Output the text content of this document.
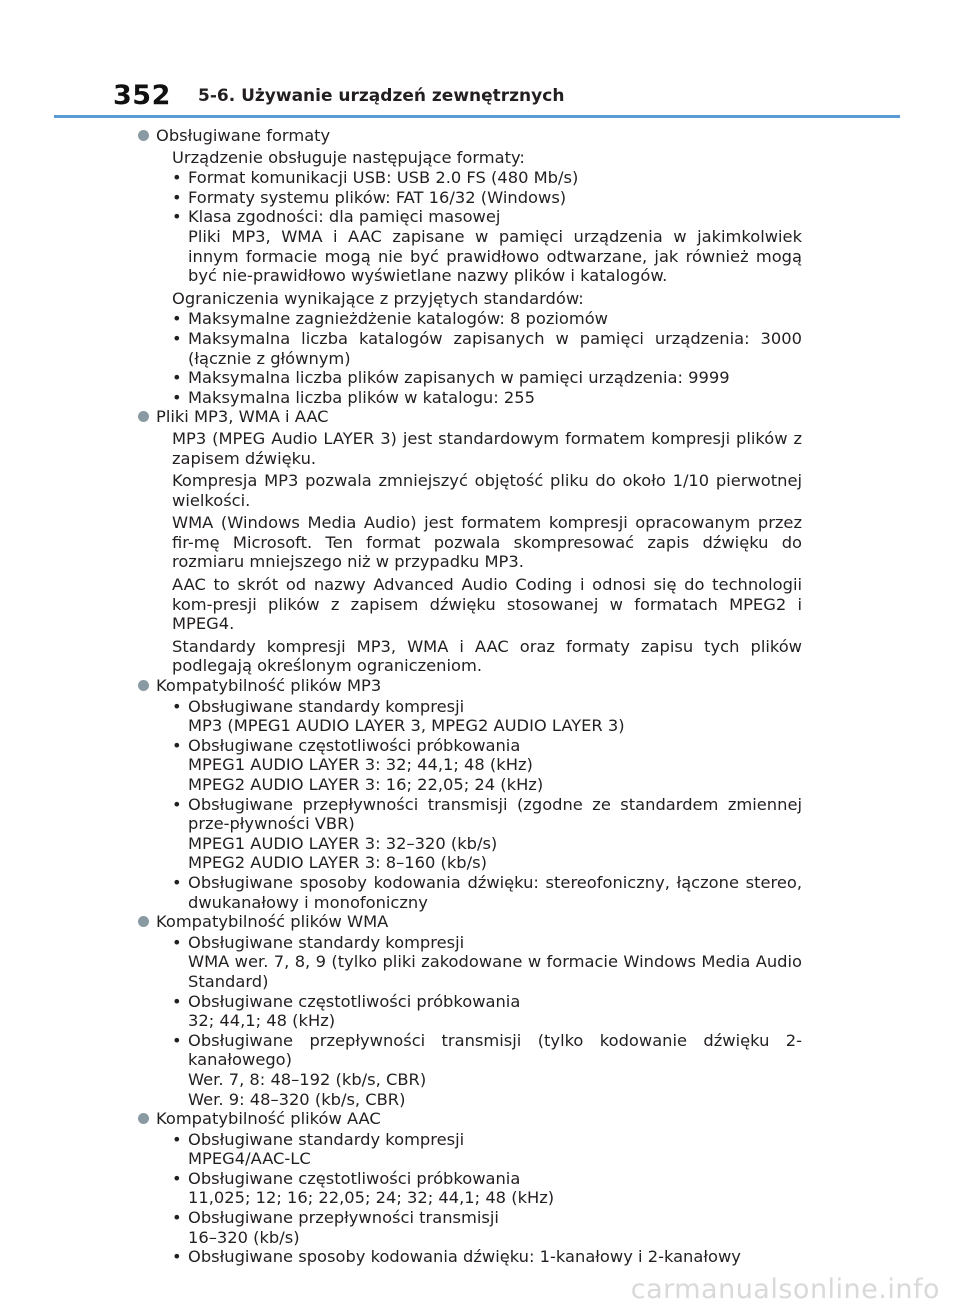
352 5-6. Używanie urządzeń zewnętrznych
Obsługiwane formaty
Urządzenie obsługuje następujące formaty:
• Format komunikacji USB: USB 2.0 FS (480 Mb/s)
• Formaty systemu plików: FAT 16/32 (Windows)
• Klasa zgodności: dla pamięci masowej
Pliki MP3, WMA i AAC zapisane w pamięci urządzenia w jakimkolwiek innym formacie mogą nie być prawidłowo odtwarzane, jak również mogą być nie-prawidłowo wyświetlane nazwy plików i katalogów.
Ograniczenia wynikające z przyjętych standardów:
• Maksymalne zagnieżdżenie katalogów: 8 poziomów
• Maksymalna liczba katalogów zapisanych w pamięci urządzenia: 3000 (łącznie z głównym)
• Maksymalna liczba plików zapisanych w pamięci urządzenia: 9999
• Maksymalna liczba plików w katalogu: 255
Pliki MP3, WMA i AAC
MP3 (MPEG Audio LAYER 3) jest standardowym formatem kompresji plików z zapisem dźwięku.
Kompresja MP3 pozwala zmniejszyć objętość pliku do około 1/10 pierwotnej wielkości.
WMA (Windows Media Audio) jest formatem kompresji opracowanym przez fir-mę Microsoft. Ten format pozwala skompresować zapis dźwięku do rozmiaru mniejszego niż w przypadku MP3.
AAC to skrót od nazwy Advanced Audio Coding i odnosi się do technologii kom-presji plików z zapisem dźwięku stosowanej w formatach MPEG2 i MPEG4.
Standardy kompresji MP3, WMA i AAC oraz formaty zapisu tych plików podlegają określonym ograniczeniom.
Kompatybilność plików MP3
• Obsługiwane standardy kompresji
MP3 (MPEG1 AUDIO LAYER 3, MPEG2 AUDIO LAYER 3)
• Obsługiwane częstotliwości próbkowania
MPEG1 AUDIO LAYER 3: 32; 44,1; 48 (kHz)
MPEG2 AUDIO LAYER 3: 16; 22,05; 24 (kHz)
• Obsługiwane przepływności transmisji (zgodne ze standardem zmiennej prze-pływności VBR)
MPEG1 AUDIO LAYER 3: 32–320 (kb/s)
MPEG2 AUDIO LAYER 3: 8–160 (kb/s)
• Obsługiwane sposoby kodowania dźwięku: stereofoniczny, łączone stereo, dwukanałowy i monofoniczny
Kompatybilność plików WMA
• Obsługiwane standardy kompresji
WMA wer. 7, 8, 9 (tylko pliki zakodowane w formacie Windows Media Audio Standard)
• Obsługiwane częstotliwości próbkowania
32; 44,1; 48 (kHz)
• Obsługiwane przepływności transmisji (tylko kodowanie dźwięku 2-kanałowego)
Wer. 7, 8: 48–192 (kb/s, CBR)
Wer. 9: 48–320 (kb/s, CBR)
Kompatybilność plików AAC
• Obsługiwane standardy kompresji
MPEG4/AAC-LC
• Obsługiwane częstotliwości próbkowania
11,025; 12; 16; 22,05; 24; 32; 44,1; 48 (kHz)
• Obsługiwane przepływności transmisji
16–320 (kb/s)
• Obsługiwane sposoby kodowania dźwięku: 1-kanałowy i 2-kanałowy
carmanualsonline.info
